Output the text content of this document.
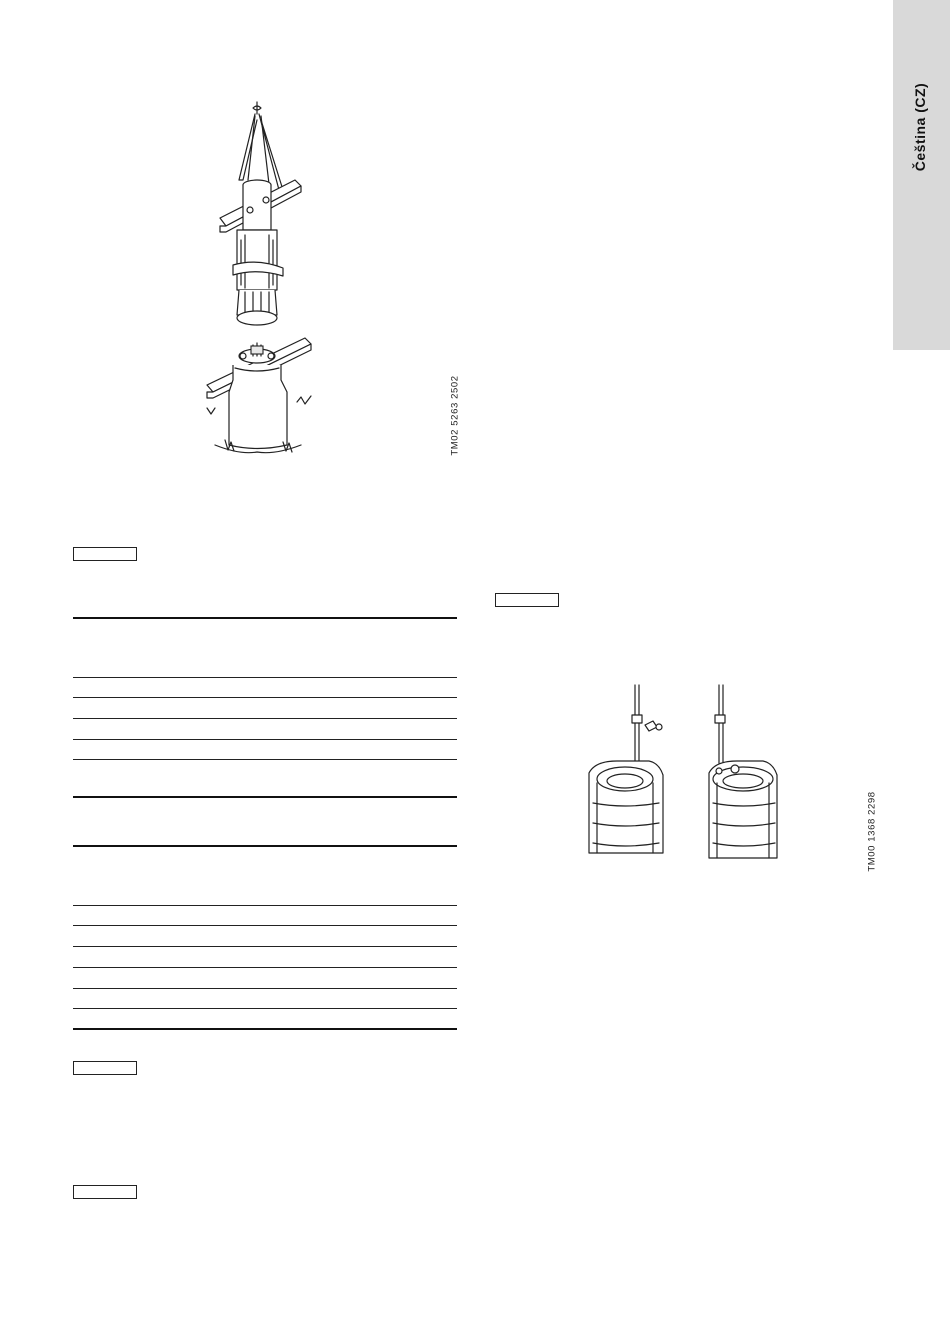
Čeština (CZ)
TM02 5263 2502
TM00 1368 2298
